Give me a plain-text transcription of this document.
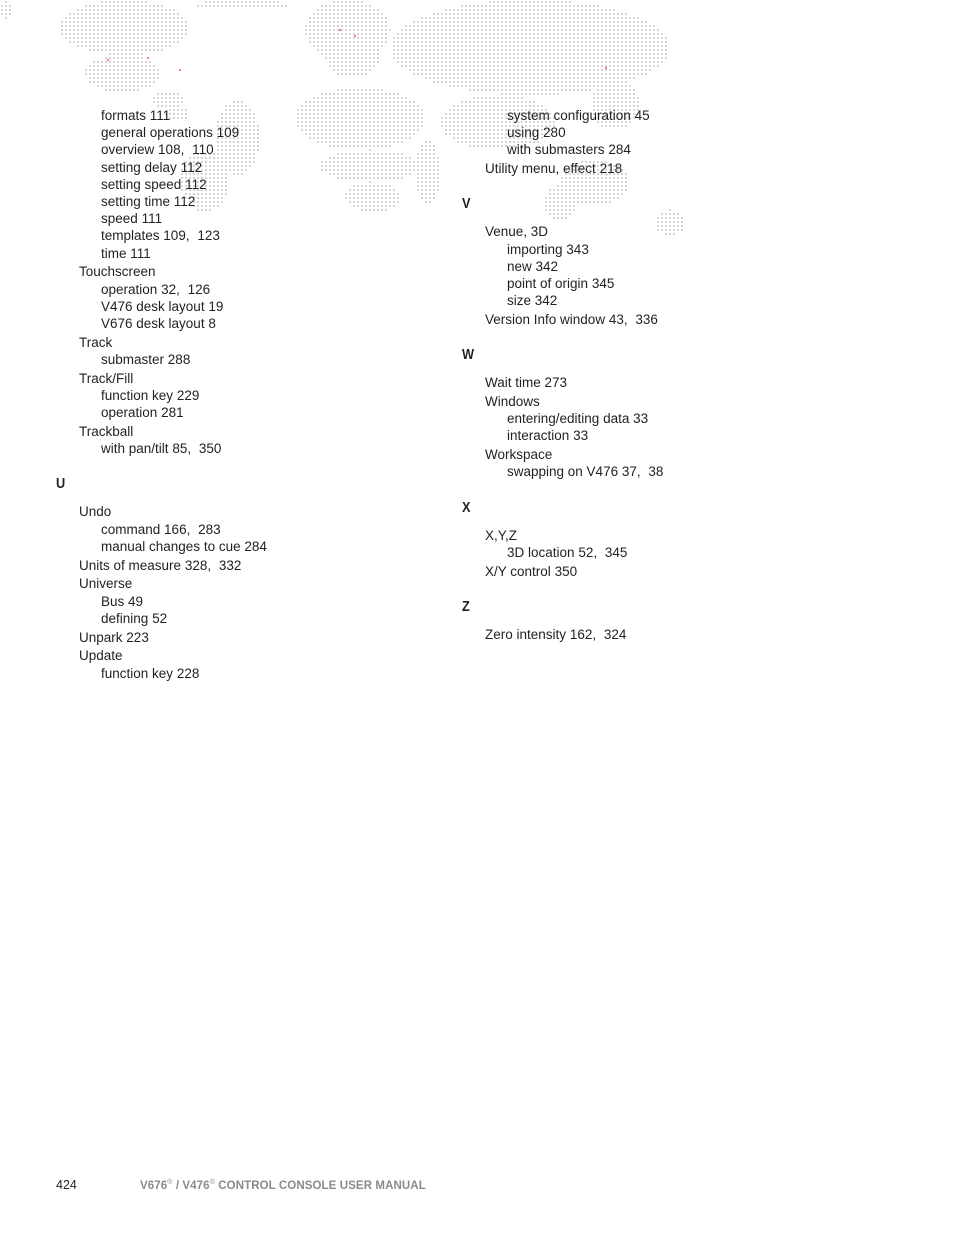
formats 111
general operations 109
overview 108, 110
setting delay 112
setting speed 112
setting time 112
speed 111
templates 109, 123
time 111
Touchscreen
operation 32, 126
V476 desk layout 19
V676 desk layout 8
Track
submaster 288
Track/Fill
function key 229
operation 281
Trackball
with pan/tilt 85, 350
U
Undo
command 166, 283
manual changes to cue 284
Units of measure 328, 332
Universe
Bus 49
defining 52
Unpark 223
Update
function key 228
system configuration 45
using 280
with submasters 284
Utility menu, effect 218
V
Venue, 3D
importing 343
new 342
point of origin 345
size 342
Version Info window 43, 336
W
Wait time 273
Windows
entering/editing data 33
interaction 33
Workspace
swapping on V476 37, 38
X
X,Y,Z
3D location 52, 345
X/Y control 350
Z
Zero intensity 162, 324
424	V676® / V476® CONTROL CONSOLE USER MANUAL
